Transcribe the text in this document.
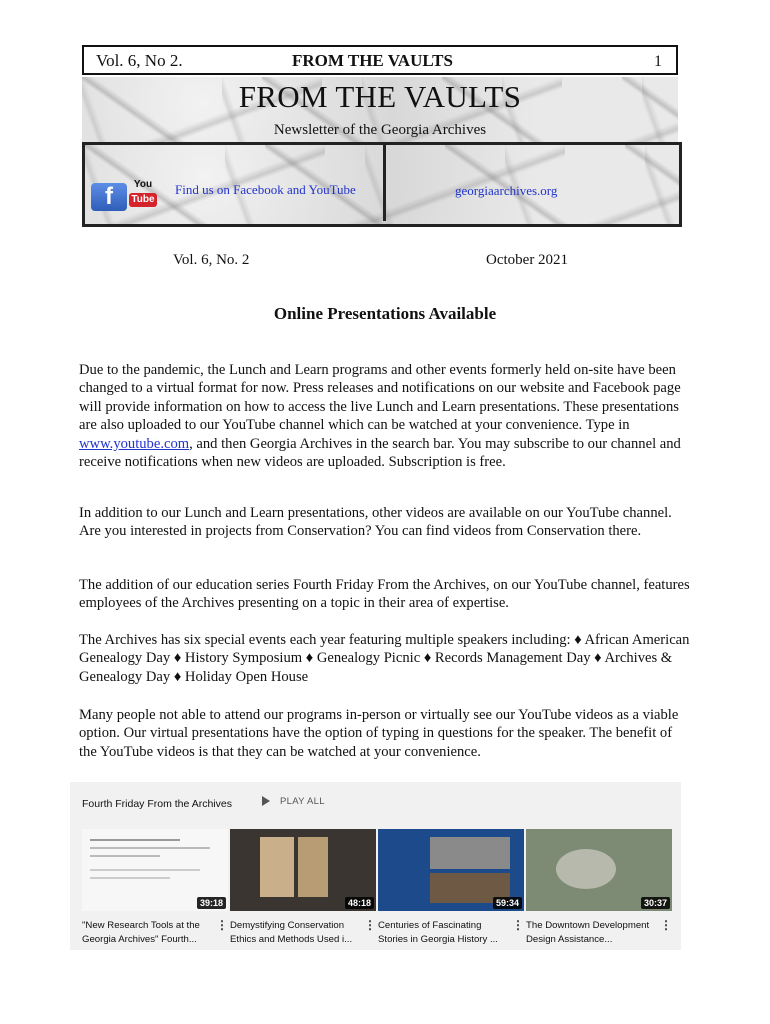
Vol. 6, No 2.	FROM THE VAULTS	1
FROM THE VAULTS
Newsletter of the Georgia Archives
f	You
Tube
Find us on Facebook and YouTube	georgiaarchives.org
Vol. 6, No. 2	October 2021
Online Presentations Available

Due to the pandemic, the Lunch and Learn programs and other events formerly held on-site have been changed to a virtual format for now. Press releases and notifications on our website and Facebook page will provide information on how to access the live Lunch and Learn presentations. These presentations are also uploaded to our YouTube channel which can be watched at your convenience. Type in www.youtube.com, and then Georgia Archives in the search bar. You may subscribe to our channel and receive notifications when new videos are uploaded. Subscription is free.

In addition to our Lunch and Learn presentations, other videos are available on our YouTube channel. Are you interested in projects from Conservation? You can find videos from Conservation there.

The addition of our education series Fourth Friday From the Archives, on our YouTube channel, features employees of the Archives presenting on a topic in their area of expertise.

The Archives has six special events each year featuring multiple speakers including: ♦ African American Genealogy Day ♦ History Symposium ♦ Genealogy Picnic ♦ Records Management Day ♦ Archives & Genealogy Day ♦ Holiday Open House

Many people not able to attend our programs in-person or virtually see our YouTube videos as a viable option. Our virtual presentations have the option of typing in questions for the speaker. The benefit of the YouTube videos is that they can be watched at your convenience.

Fourth Friday From the Archives	PLAY ALL
39:18
"New Research Tools at the
Georgia Archives" Fourth...
⋮
48:18
Demystifying Conservation
Ethics and Methods Used i...
⋮
59:34
Centuries of Fascinating
Stories in Georgia History ...
⋮
30:37
The Downtown Development
Design Assistance...
⋮
